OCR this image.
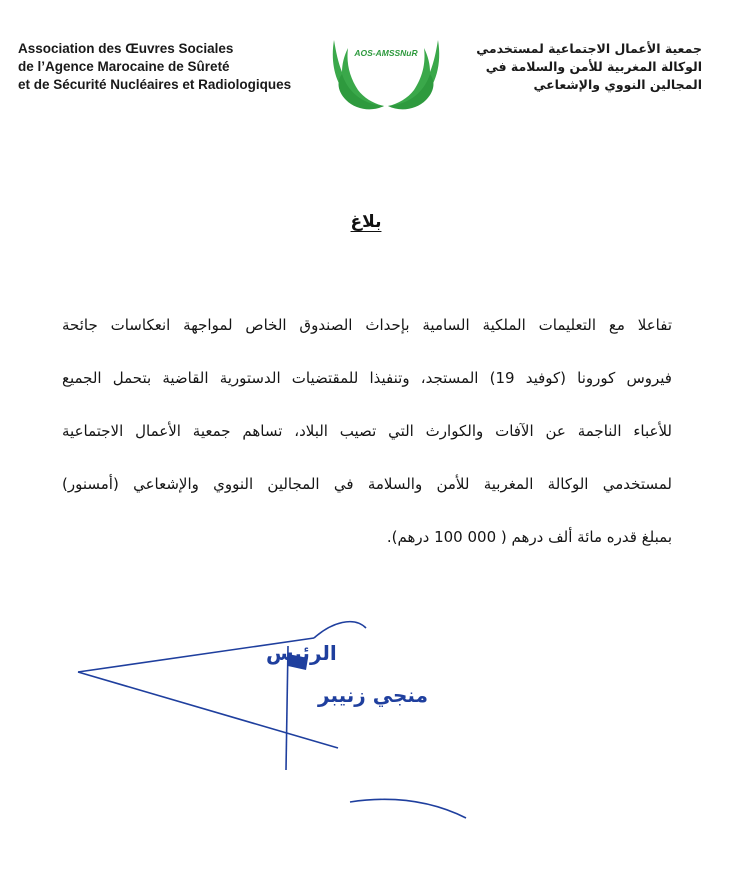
Association des Œuvres Sociales
de l’Agence Marocaine de Sûreté
et de Sécurité Nucléaires et Radiologiques
AOS-AMSSNuR	جمعية الأعمال الاجتماعية لمستخدمي
الوكالة المغربية للأمن والسلامة في
المجالين النووي والإشعاعي
بلاغ
تفاعلا مع التعليمات الملكية السامية بإحداث الصندوق الخاص لمواجهة انعكاسات جائحة
فيروس كورونا (كوفيد 19) المستجد، وتنفيذا للمقتضيات الدستورية القاضية بتحمل الجميع
للأعباء الناجمة عن الآفات والكوارث التي تصيب البلاد، تساهم جمعية الأعمال الاجتماعية
لمستخدمي الوكالة المغربية للأمن والسلامة في المجالين النووي والإشعاعي (أمسنور)
بمبلغ قدره مائة ألف درهم ( 000 100 درهم).
الرئيس
منجي زنيبر
